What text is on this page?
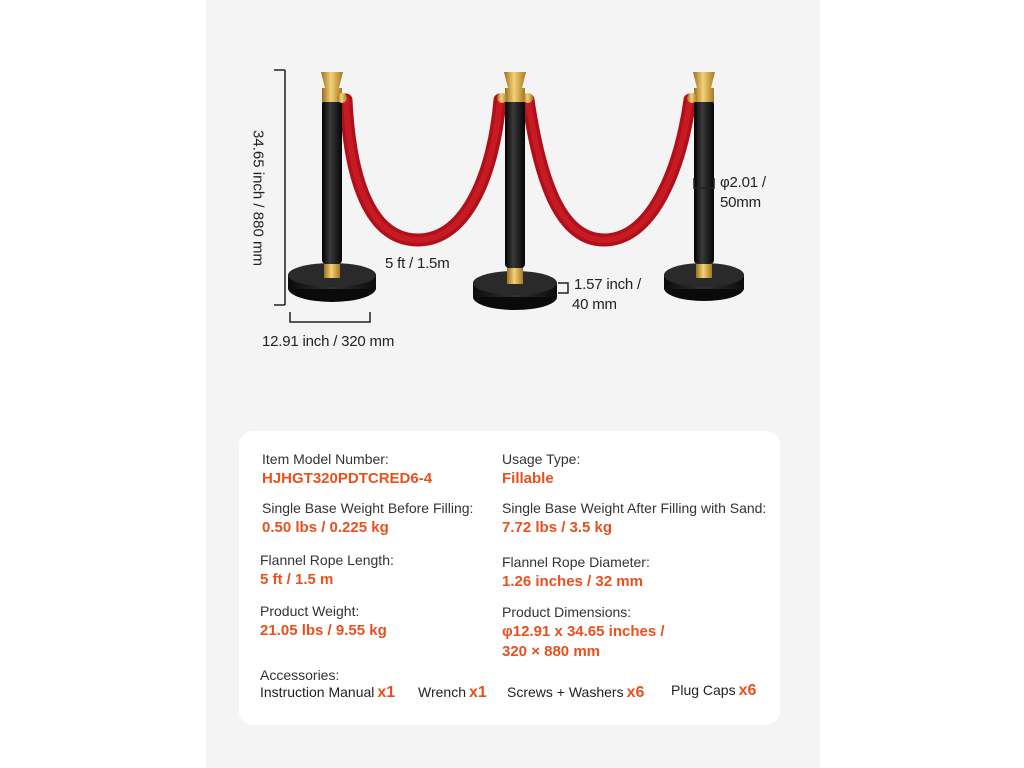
34.65 inch / 880 mm
12.91 inch / 320 mm
5 ft / 1.5m
1.57 inch /
40 mm
φ2.01 /
50mm
Item Model Number:
HJHGT320PDTCRED6-4
Usage Type:
Fillable
Single Base Weight Before Filling:
0.50 lbs / 0.225 kg
Single Base Weight After Filling with Sand:
7.72 lbs / 3.5 kg
Flannel Rope Length:
5 ft / 1.5 m
Flannel Rope Diameter:
1.26 inches / 32 mm
Product Weight:
21.05 lbs / 9.55 kg
Product Dimensions:
φ12.91 x 34.65 inches /
320 × 880 mm
Accessories:
Instruction Manual x1 Wrench x1 Screws + Washers x6 Plug Caps x6
